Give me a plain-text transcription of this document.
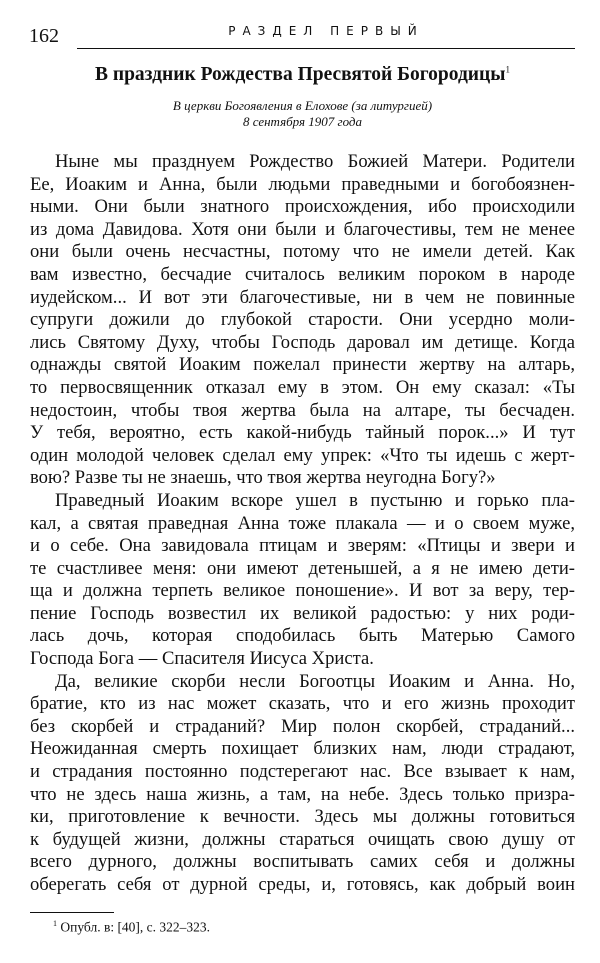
162	РАЗДЕЛ ПЕРВЫЙ
В праздник Рождества Пресвятой Богородицы$^1$
В церкви Богоявления в Елохове (за литургией)
8 сентября 1907 года
Ныне мы празднуем Рождество Божией Матери. Родители
Ее, Иоаким и Анна, были людьми праведными и богобоязнен-
ными. Они были знатного происхождения, ибо происходили
из дома Давидова. Хотя они были и благочестивы, тем не менее
они были очень несчастны, потому что не имели детей. Как
вам известно, бесчадие считалось великим пороком в народе
иудейском... И вот эти благочестивые, ни в чем не повинные
супруги дожили до глубокой старости. Они усердно моли-
лись Святому Духу, чтобы Господь даровал им детище. Когда
однажды святой Иоаким пожелал принести жертву на алтарь,
то первосвященник отказал ему в этом. Он ему сказал: «Ты
недостоин, чтобы твоя жертва была на алтаре, ты бесчаден.
У тебя, вероятно, есть какой-нибудь тайный порок...» И тут
один молодой человек сделал ему упрек: «Что ты идешь с жерт-
вою? Разве ты не знаешь, что твоя жертва неугодна Богу?»
Праведный Иоаким вскоре ушел в пустыню и горько пла-
кал, а святая праведная Анна тоже плакала — и о своем муже,
и о себе. Она завидовала птицам и зверям: «Птицы и звери и
те счастливее меня: они имеют детенышей, а я не имею дети-
ща и должна терпеть великое поношение». И вот за веру, тер-
пение Господь возвестил их великой радостью: у них роди-
лась дочь, которая сподобилась быть Матерью Самого
Господа Бога — Спасителя Иисуса Христа.
Да, великие скорби несли Богоотцы Иоаким и Анна. Но,
братие, кто из нас может сказать, что и его жизнь проходит
без скорбей и страданий? Мир полон скорбей, страданий...
Неожиданная смерть похищает близких нам, люди страдают,
и страдания постоянно подстерегают нас. Все взывает к нам,
что не здесь наша жизнь, а там, на небе. Здесь только призра-
ки, приготовление к вечности. Здесь мы должны готовиться
к будущей жизни, должны стараться очищать свою душу от
всего дурного, должны воспитывать самих себя и должны
оберегать себя от дурной среды, и, готовясь, как добрый воин
$^1$ Опубл. в: [40], с. 322–323.
